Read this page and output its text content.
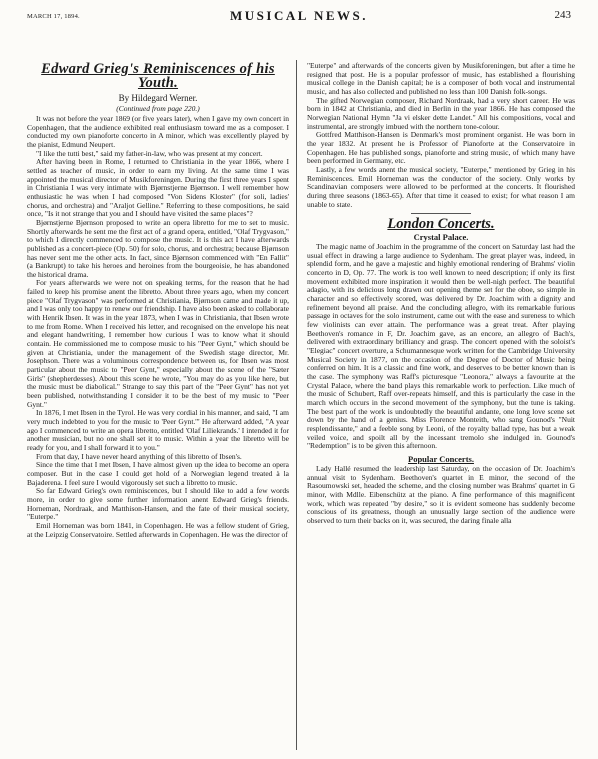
MARCH 17, 1894.	MUSICAL NEWS.	243
Edward Grieg's Reminiscences of his Youth.
By Hildegard Werner.
(Continued from page 220.)

It was not before the year 1869 (or five years later), when I gave my own concert in Copenhagen, that the audience exhibited real enthusiasm toward me as a composer. I conducted my own pianoforte concerto in A minor, which was excellently played by the pianist, Edmund Neupert.

"I like the tutti best," said my father-in-law, who was present at my concert.

After having been in Rome, I returned to Christiania in the year 1866, where I settled as teacher of music, in order to earn my living. At the same time I was appointed the musical director of Musikforeningen. During the first three years I spent in Christiania I was very intimate with Bjørnstjerne Bjørnson. I well remember how enthusiastic he was when I had composed "Von Sidens Kloster" (for soli, ladies' chorus, and orchestra) and "Araljot Gelline." Referring to these compositions, he said once, "Is it not strange that you and I should have visited the same places"?

Bjørnstjerne Bjørnson proposed to write an opera libretto for me to set to music. Shortly afterwards he sent me the first act of a grand opera, entitled, "Olaf Trygvason," to which I directly commenced to compose the music. It is this act I have afterwards published as a concert-piece (Op. 50) for solo, chorus, and orchestra; because Bjørnson has never sent me the other acts. In fact, since Bjørnson commenced with "En Fallit" (a Bankrupt) to take his heroes and heroines from the bourgeoisie, he has abandoned the historical drama.

For years afterwards we were not on speaking terms, for the reason that he had failed to keep his promise anent the libretto. About three years ago, when my concert piece "Olaf Trygvason" was performed at Christiania, Bjørnson came and made it up, and I was only too happy to renew our friendship. I have also been asked to collaborate with Henrik Ibsen. It was in the year 1873, when I was in Christiania, that Ibsen wrote to me from Rome. When I received his letter, and recognised on the envelope his neat and elegant handwriting, I remember how curious I was to know what it should contain. He commissioned me to compose music to his "Peer Gynt," which should be given at Christiania, under the management of the Swedish stage director, Mr. Josephson. There was a voluminous correspondence between us, for Ibsen was most particular about the music to "Peer Gynt," especially about the scene of the "Sæter Girls" (shepherdesses). About this scene he wrote, "You may do as you like here, but the music must be diabolical." Strange to say this part of the "Peer Gynt" has not yet been published, notwithstanding I consider it to be the best of my music to "Peer Gynt."

In 1876, I met Ibsen in the Tyrol. He was very cordial in his manner, and said, "I am very much indebted to you for the music to 'Peer Gynt.'" He afterward added, "A year ago I commenced to write an opera libretto, entitled 'Olaf Liliekrands.' I intended it for another musician, but no one shall set it to music. Within a year the libretto will be ready for you, and I shall forward it to you."

From that day, I have never heard anything of this libretto of Ibsen's.

Since the time that I met Ibsen, I have almost given up the idea to become an opera composer. But in the case I could get hold of a Norwegian legend treated à la Bajaderena. I feel sure I would vigorously set such a libretto to music.

So far Edward Grieg's own reminiscences, but I should like to add a few words more, in order to give some further information anent Edward Grieg's friends. Horneman, Nordraak, and Matthison-Hansen, and the fate of their musical society, "Euterpe."

Emil Horneman was born 1841, in Copenhagen. He was a fellow student of Grieg, at the Leipzig Conservatoire. Settled afterwards in Copenhagen. He was the director of

"Euterpe" and afterwards of the concerts given by Musikforeningen, but after a time he resigned that post. He is a popular professor of music, has established a flourishing musical college in the Danish capital; he is a composer of both vocal and instrumental music, and has also collected and published no less than 100 Danish folk-songs.

The gifted Norwegian composer, Richard Nordraak, had a very short career. He was born in 1842 at Christiania, and died in Berlin in the year 1866. He has composed the Norwegian National Hymn "Ja vi elsker dette Landet." All his compositions, vocal and instrumental, are strongly imbued with the northern tone-colour.

Gottfred Matthison-Hansen is Denmark's most prominent organist. He was born in the year 1832. At present he is Professor of Pianoforte at the Conservatoire in Copenhagen. He has published songs, pianoforte and string music, of which many have been performed in Germany, etc.

Lastly, a few words anent the musical society, "Euterpe," mentioned by Grieg in his Reminiscences. Emil Horneman was the conductor of the society. Only works by Scandinavian composers were allowed to be performed at the concerts. It flourished during three seasons (1863-65). After that time it ceased to exist; for what reason I am unable to state.

London Concerts.
Crystal Palace.

The magic name of Joachim in the programme of the concert on Saturday last had the usual effect in drawing a large audience to Sydenham. The great player was, indeed, in splendid form, and he gave a majestic and highly emotional rendering of Brahms' violin concerto in D, Op. 77. The work is too well known to need description; if only its first movement exhibited more inspiration it would then be well-nigh perfect. The beautiful adagio, with its delicious long drawn out opening theme set for the oboe, so simple in character and so effectively scored, was delivered by Dr. Joachim with a dignity and refinement beyond all praise. And the concluding allegro, with its remarkable furious passage in octaves for the solo instrument, came out with the ease and sureness to which few violinists can ever attain. The performance was a great treat. After playing Beethoven's romance in F, Dr. Joachim gave, as an encore, an allegro of Bach's, delivered with extraordinary brilliancy and grasp. The concert opened with the soloist's "Elegiac" concert overture, a Schumannesque work written for the Cambridge University Musical Society in 1877, on the occasion of the Degree of Doctor of Music being conferred on him. It is a classic and fine work, and deserves to be better known than is the case. The symphony was Raff's picturesque "Leonora," always a favourite at the Crystal Palace, where the band plays this remarkable work to perfection. Like much of the music of Schubert, Raff over-repeats himself, and this is particularly the case in the march which occurs in the second movement of the symphony, but the tune is taking. The best part of the work is undoubtedly the beautiful andante, one long love scene set down by the hand of a genius. Miss Florence Monteith, who sang Gounod's "Nuit resplendissante," and a feeble song by Leoni, of the royalty ballad type, has but a weak veiled voice, and spoilt all by the incessant tremolo she indulged in. Gounod's "Redemption" is to be given this afternoon.

Popular Concerts.

Lady Hallé resumed the leadership last Saturday, on the occasion of Dr. Joachim's annual visit to Sydenham. Beethoven's quartet in E minor, the second of the Rasoumowski set, headed the scheme, and the closing number was Brahms' quartet in G minor, with Mdlle. Eibenschütz at the piano. A fine performance of this magnificent work, which was repeated "by desire," so it is evident someone has suddenly become conscious of its greatness, though an unusually large section of the audience were observed to turn their backs on it, was secured, the daring finale alla
